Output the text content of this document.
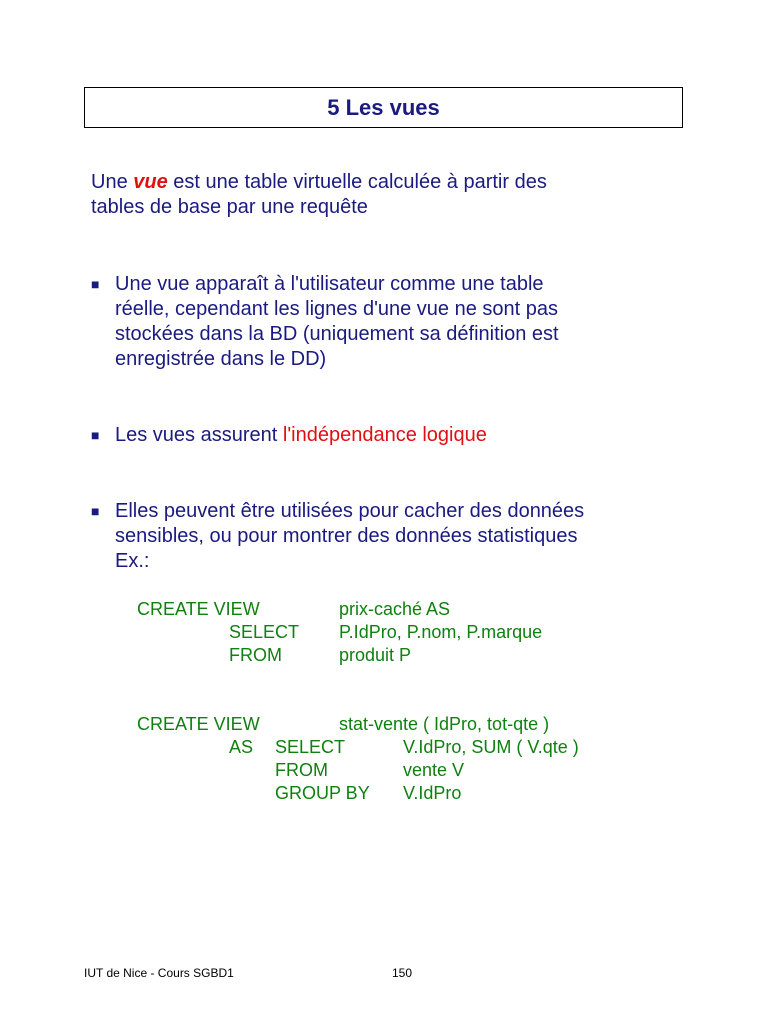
5 Les vues
Une vue est une table virtuelle calculée à partir des
tables de base par une requête
■ Une vue apparaît à l'utilisateur comme une table
réelle, cependant les lignes d'une vue ne sont pas
stockées dans la BD (uniquement sa définition est
enregistrée dans le DD)
■ Les vues assurent l'indépendance logique
■ Elles peuvent être utilisées pour cacher des données
sensibles, ou pour montrer des données statistiques
Ex.:
CREATE VIEW	prix-caché AS
SELECT P.IdPro, P.nom, P.marque
FROM	produit P
CREATE VIEW	stat-vente ( IdPro, tot-qte )
AS SELECT	V.IdPro, SUM ( V.qte )
FROM	vente V
GROUP BY V.IdPro
IUT de Nice - Cours SGBD1	150
